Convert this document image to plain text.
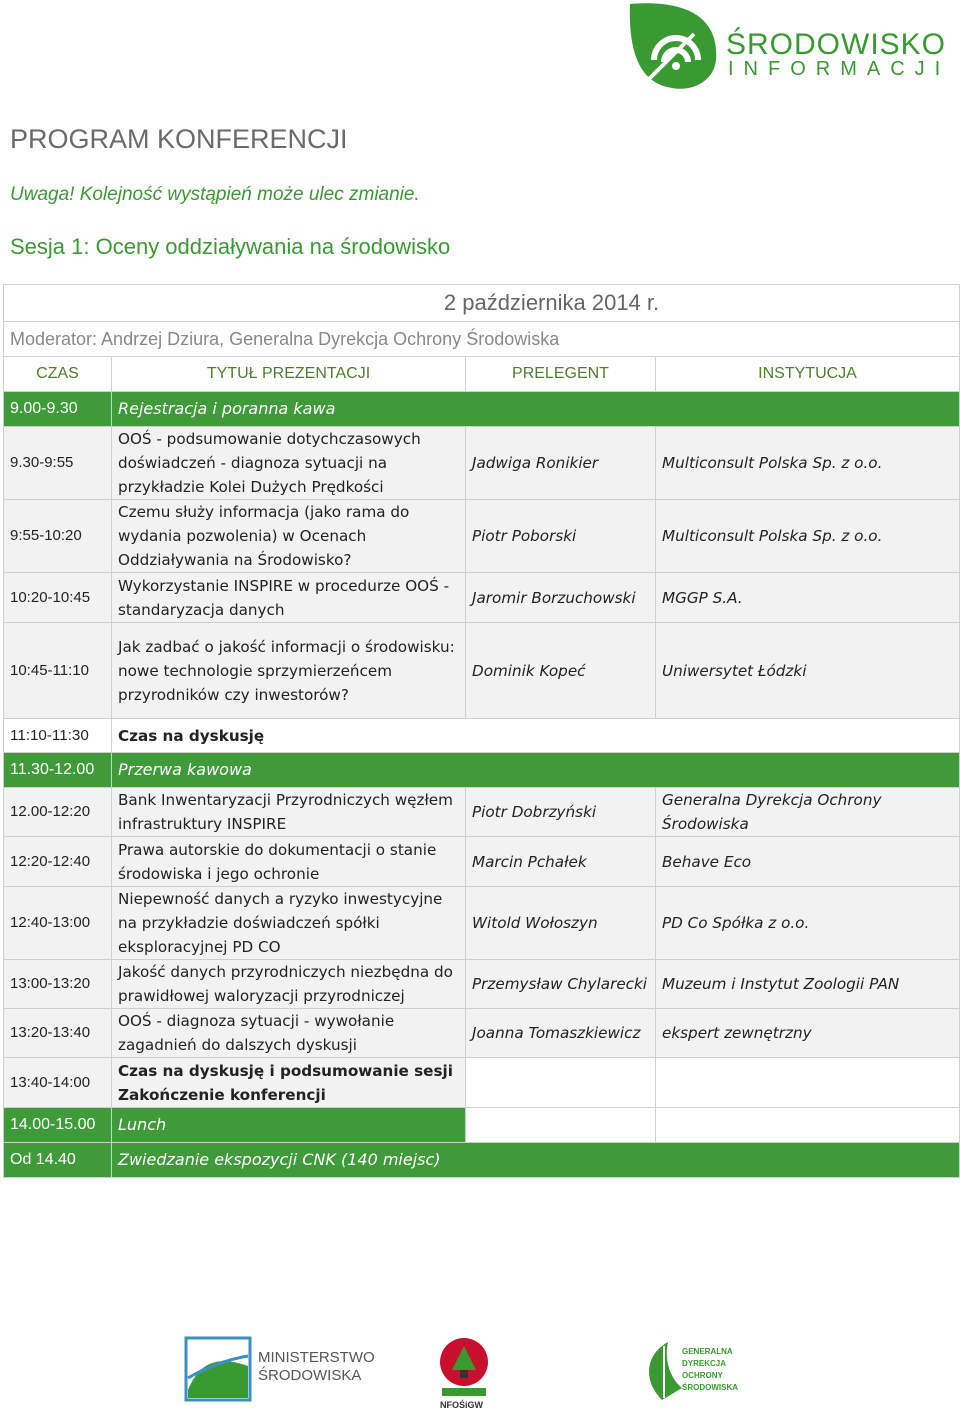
ŚRODOWISKO
INFORMACJI
PROGRAM KONFERENCJI
Uwaga! Kolejność wystąpień może ulec zmianie.
Sesja 1: Oceny oddziaływania na środowisko
2 października 2014 r.			
Moderator: Andrzej Dziura, Generalna Dyrekcja Ochrony Środowiska			
CZAS	TYTUŁ PREZENTACJI	PRELEGENT	INSTYTUCJA
9.00-9.30	Rejestracja i poranna kawa		
9.30-9:55	OOŚ - podsumowanie dotychczasowych doświadczeń - diagnoza sytuacji na przykładzie Kolei Dużych Prędkości	Jadwiga Ronikier	Multiconsult Polska Sp. z o.o.
9:55-10:20	Czemu służy informacja (jako rama do wydania pozwolenia) w Ocenach Oddziaływania na Środowisko?	Piotr Poborski	Multiconsult Polska Sp. z o.o.
10:20-10:45	Wykorzystanie INSPIRE w procedurze OOŚ - standaryzacja danych	Jaromir Borzuchowski	MGGP S.A.
10:45-11:10	Jak zadbać o jakość informacji o środowisku: nowe technologie sprzymierzeńcem przyrodników czy inwestorów?	Dominik Kopeć	Uniwersytet Łódzki
11:10-11:30	Czas na dyskusję		
11.30-12.00	Przerwa kawowa		
12.00-12:20	Bank Inwentaryzacji Przyrodniczych węzłem infrastruktury INSPIRE	Piotr Dobrzyński	Generalna Dyrekcja Ochrony Środowiska
12:20-12:40	Prawa autorskie do dokumentacji o stanie środowiska i jego ochronie	Marcin Pchałek	Behave Eco
12:40-13:00	Niepewność danych a ryzyko inwestycyjne na przykładzie doświadczeń spółki eksploracyjnej PD CO	Witold Wołoszyn	PD Co Spółka z o.o.
13:00-13:20	Jakość danych przyrodniczych niezbędna do prawidłowej waloryzacji przyrodniczej	Przemysław Chylarecki	Muzeum i Instytut Zoologii PAN
13:20-13:40	OOŚ - diagnoza sytuacji - wywołanie zagadnień do dalszych dyskusji	Joanna Tomaszkiewicz	ekspert zewnętrzny
13:40-14:00	Czas na dyskusję i podsumowanie sesji Zakończenie konferencji		
14.00-15.00	Lunch		
Od 14.40	Zwiedzanie ekspozycji CNK (140 miejsc)		
MINISTERSTWO
ŚRODOWISKA
NFOŚiGW
GENERALNA
DYREKCJA
OCHRONY
ŚRODOWISKA
